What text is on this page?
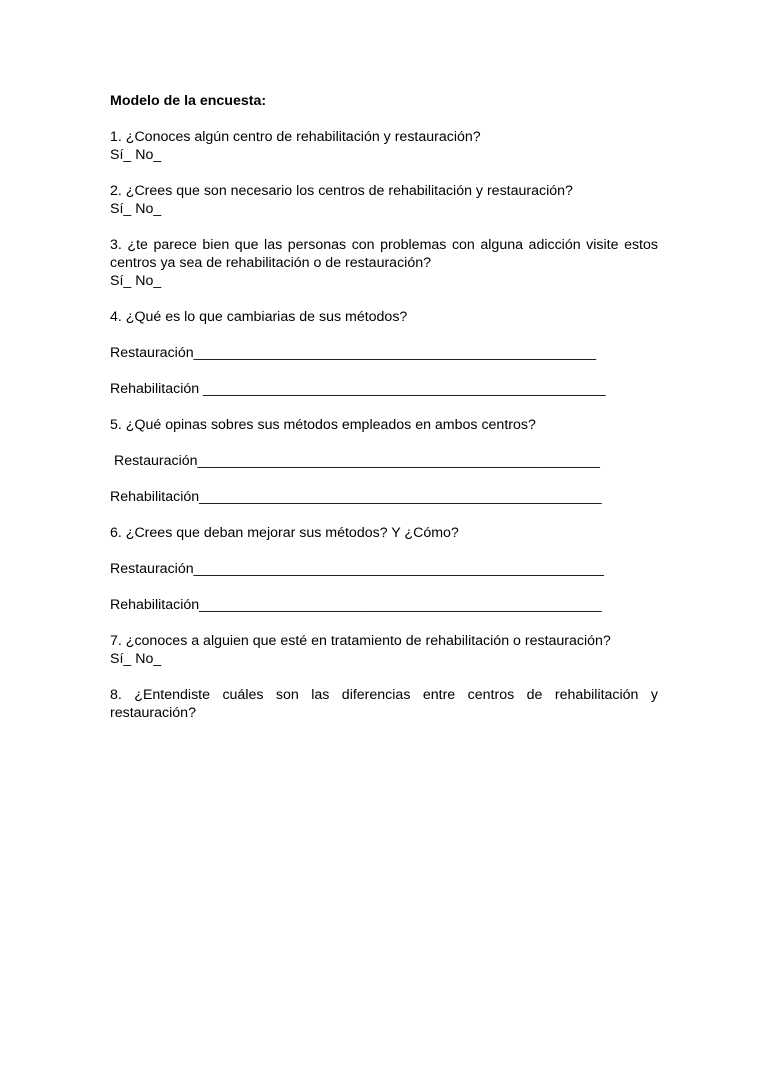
Modelo de la encuesta:
1. ¿Conoces algún centro de rehabilitación y restauración?
Sí_ No_
2. ¿Crees que son necesario los centros de rehabilitación y restauración?
Sí_ No_
3. ¿te parece bien que las personas con problemas con alguna adicción visite estos centros ya sea de rehabilitación o de restauración?
Sí_ No_
4. ¿Qué es lo que cambiarias de sus métodos?
Restauración___________________________________________________
Rehabilitación ___________________________________________________
5. ¿Qué opinas sobres sus métodos empleados en ambos centros?
Restauración___________________________________________________
Rehabilitación___________________________________________________
6. ¿Crees que deban mejorar sus métodos? Y ¿Cómo?
Restauración____________________________________________________
Rehabilitación___________________________________________________
7. ¿conoces a alguien que esté en tratamiento de rehabilitación o restauración?
Sí_ No_
8. ¿Entendiste cuáles son las diferencias entre centros de rehabilitación y restauración?
